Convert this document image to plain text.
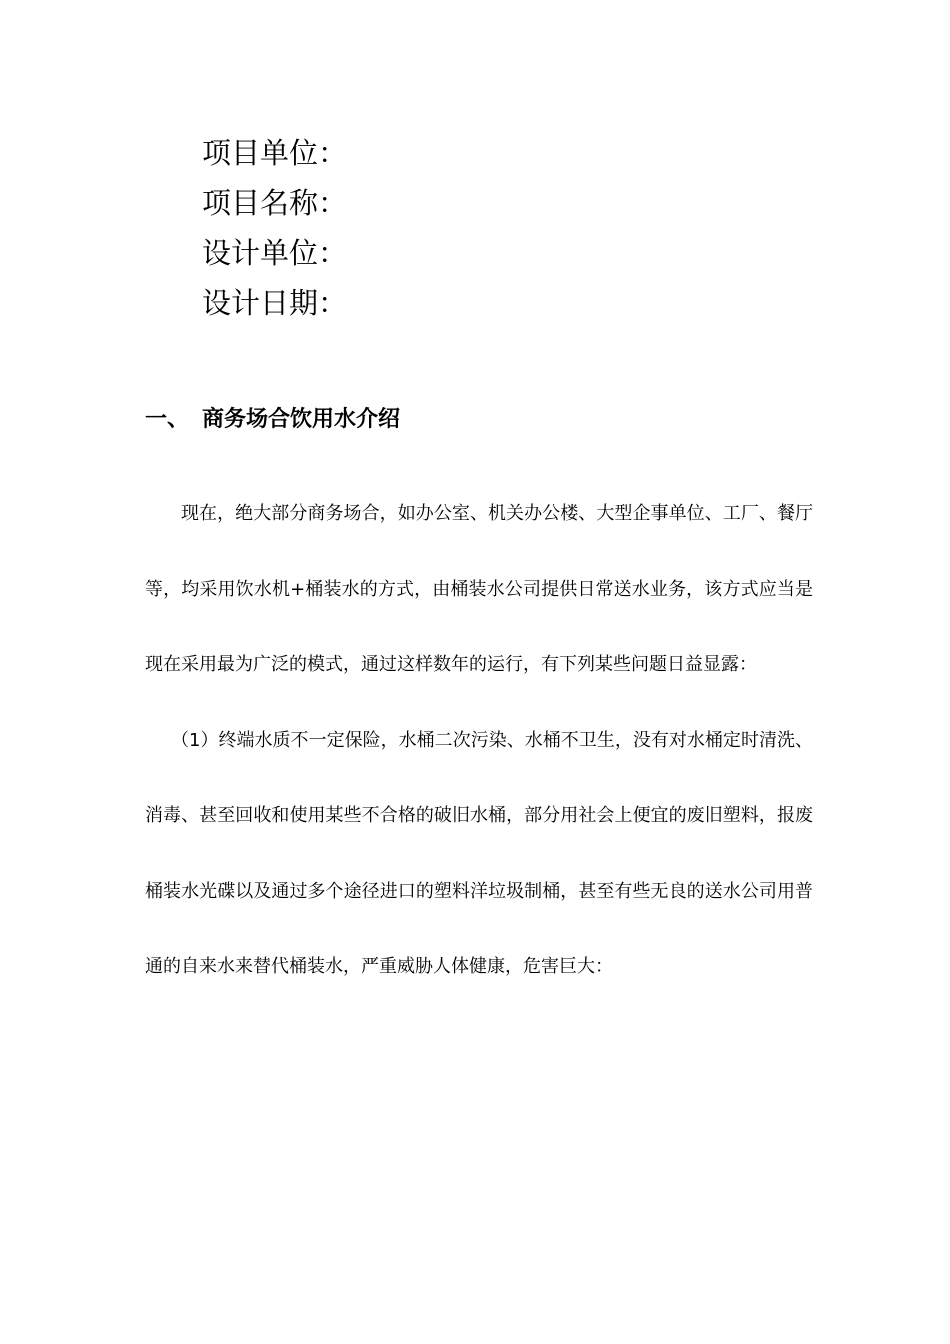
项目单位：
项目名称：
设计单位：
设计日期：
一、 商务场合饮用水介绍

现在，绝大部分商务场合，如办公室、机关办公楼、大型企事单位、工厂、餐厅等，均采用饮水机+桶装水的方式，由桶装水公司提供日常送水业务，该方式应当是现在采用最为广泛的模式，通过这样数年的运行，有下列某些问题日益显露：

（1）终端水质不一定保险，水桶二次污染、水桶不卫生，没有对水桶定时清洗、消毒、甚至回收和使用某些不合格的破旧水桶，部分用社会上便宜的废旧塑料，报废桶装水光碟以及通过多个途径进口的塑料洋垃圾制桶，甚至有些无良的送水公司用普通的自来水来替代桶装水，严重威胁人体健康，危害巨大：
